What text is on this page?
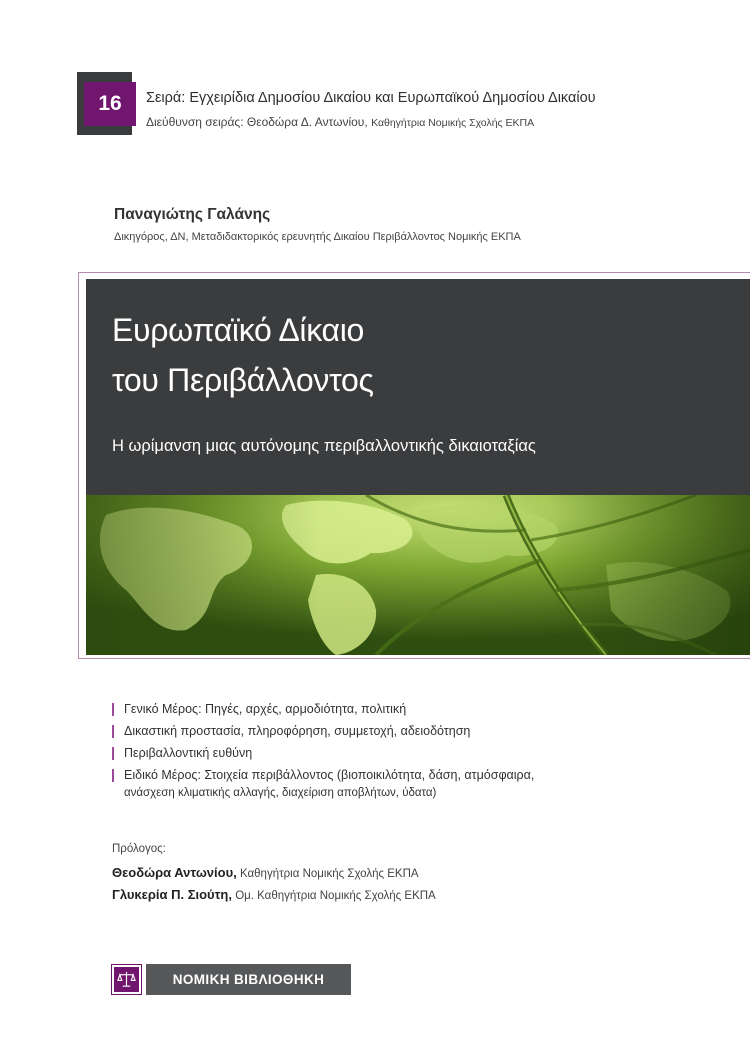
16	Σειρά: Εγχειρίδια Δημοσίου Δικαίου και Ευρωπαϊκού Δημοσίου Δικαίου
Διεύθυνση σειράς: Θεοδώρα Δ. Αντωνίου, Καθηγήτρια Νομικής Σχολής ΕΚΠΑ
Παναγιώτης Γαλάνης
Δικηγόρος, ΔΝ, Μεταδιδακτορικός ερευνητής Δικαίου Περιβάλλοντος Νομικής ΕΚΠΑ
Ευρωπαϊκό Δίκαιο
του Περιβάλλοντος
Η ωρίμανση μιας αυτόνομης περιβαλλοντικής δικαιοταξίας
Γενικό Μέρος: Πηγές, αρχές, αρμοδιότητα, πολιτική
Δικαστική προστασία, πληροφόρηση, συμμετοχή, αδειοδότηση
Περιβαλλοντική ευθύνη
Ειδικό Μέρος: Στοιχεία περιβάλλοντος (βιοποικιλότητα, δάση, ατμόσφαιρα,
ανάσχεση κλιματικής αλλαγής, διαχείριση αποβλήτων, ύδατα)
Πρόλογος:
Θεοδώρα Αντωνίου, Καθηγήτρια Νομικής Σχολής ΕΚΠΑ
Γλυκερία Π. Σιούτη, Ομ. Καθηγήτρια Νομικής Σχολής ΕΚΠΑ
ΝΟΜΙΚΗ ΒΙΒΛΙΟΘΗΚΗ
